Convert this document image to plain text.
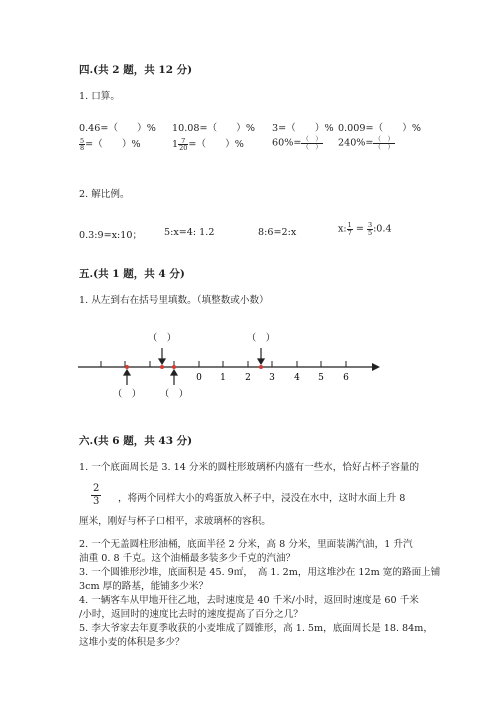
四.(共 2 题，共 12 分)
1. 口算。
0.46=（　　）% 10.08=（　　）% 3=（　　）% 0.009=（　　）%
$\frac{5}{8}$ =（　　）%	$1 \frac{7}{20}$ =（　　）%	$60\%= \frac{( )}{( )} 240\%= \frac{( )}{( )}$
2. 解比例。
0.3:9=x:10； 5:x=4: 1.2	8:6=2:x	x: $\frac{1}{7} = \frac{3}{5}$ :0.4
五.(共 1 题，共 4 分)
1. 从左到右在括号里填数。（填整数或小数）
0 1 2 3 4 5 6
（　）	（　）
（　） （　）
六.(共 6 题，共 43 分)
1. 一个底面周长是 3. 14 分米的圆柱形玻璃杯内盛有一些水，恰好占杯子容量的
$\frac{2}{3}$ ，将两个同样大小的鸡蛋放入杯子中，浸没在水中，这时水面上升 8
厘米，刚好与杯子口相平，求玻璃杯的容积。
2. 一个无盖圆柱形油桶，底面半径 2 分米，高 8 分米，里面装满汽油，1 升汽
油重 0. 8 千克。这个油桶最多装多少千克的汽油？
3. 一个圆锥形沙堆，底面积是 45. 9㎡，　高 1. 2m，用这堆沙在 12m 宽的路面上铺
3cm 厚的路基，能铺多少米？
4. 一辆客车从甲地开往乙地，去时速度是 40 千米/小时，返回时速度是 60 千米
/小时，返回时的速度比去时的速度提高了百分之几？
5. 李大爷家去年夏季收获的小麦堆成了圆锥形，高 1. 5m，底面周长是 18. 84m，
这堆小麦的体积是多少？
